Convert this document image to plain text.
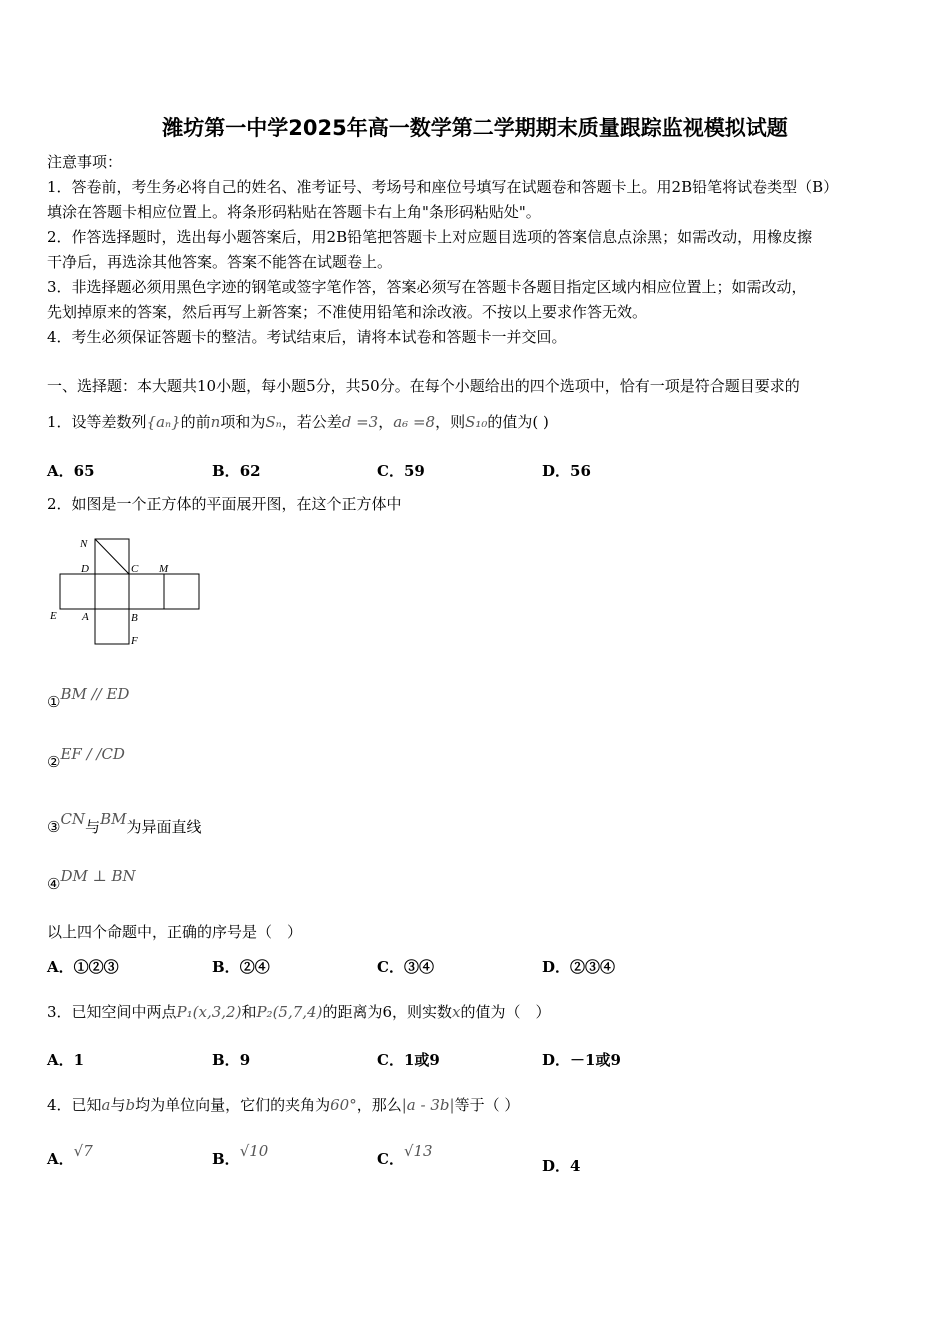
潍坊第一中学2025年高一数学第二学期期末质量跟踪监视模拟试题
注意事项：
1．答卷前，考生务必将自己的姓名、准考证号、考场号和座位号填写在试题卷和答题卡上。用2B铅笔将试卷类型（B）
填涂在答题卡相应位置上。将条形码粘贴在答题卡右上角"条形码粘贴处"。
2．作答选择题时，选出每小题答案后，用2B铅笔把答题卡上对应题目选项的答案信息点涂黑；如需改动，用橡皮擦
干净后，再选涂其他答案。答案不能答在试题卷上。
3．非选择题必须用黑色字迹的钢笔或签字笔作答，答案必须写在答题卡各题目指定区域内相应位置上；如需改动，
先划掉原来的答案，然后再写上新答案；不准使用铅笔和涂改液。不按以上要求作答无效。
4．考生必须保证答题卡的整洁。考试结束后，请将本试卷和答题卡一并交回。
一、选择题：本大题共10小题，每小题5分，共50分。在每个小题给出的四个选项中，恰有一项是符合题目要求的
1．设等差数列{aₙ}的前n项和为Sₙ，若公差d =3，a₆ =8，则S₁₀的值为( )
A．65	B．62	C．59	D．56
2．如图是一个正方体的平面展开图，在这个正方体中
N
D	C M
E A	B
F
①BM // ED
②EF / /CD
③CN与BM为异面直线
④DM ⊥ BN
以上四个命题中，正确的序号是（　）
A．①②③	B．②④	C．③④	D．②③④
3．已知空间中两点P₁(x,3,2)和P₂(5,7,4)的距离为6，则实数x的值为（　）
A．1	B．9	C．1或9	D．－1或9
4．已知a与b均为单位向量，它们的夹角为60°，那么|a - 3b|等于（ ）
A．√7	B．√10	C．√13
D．4
